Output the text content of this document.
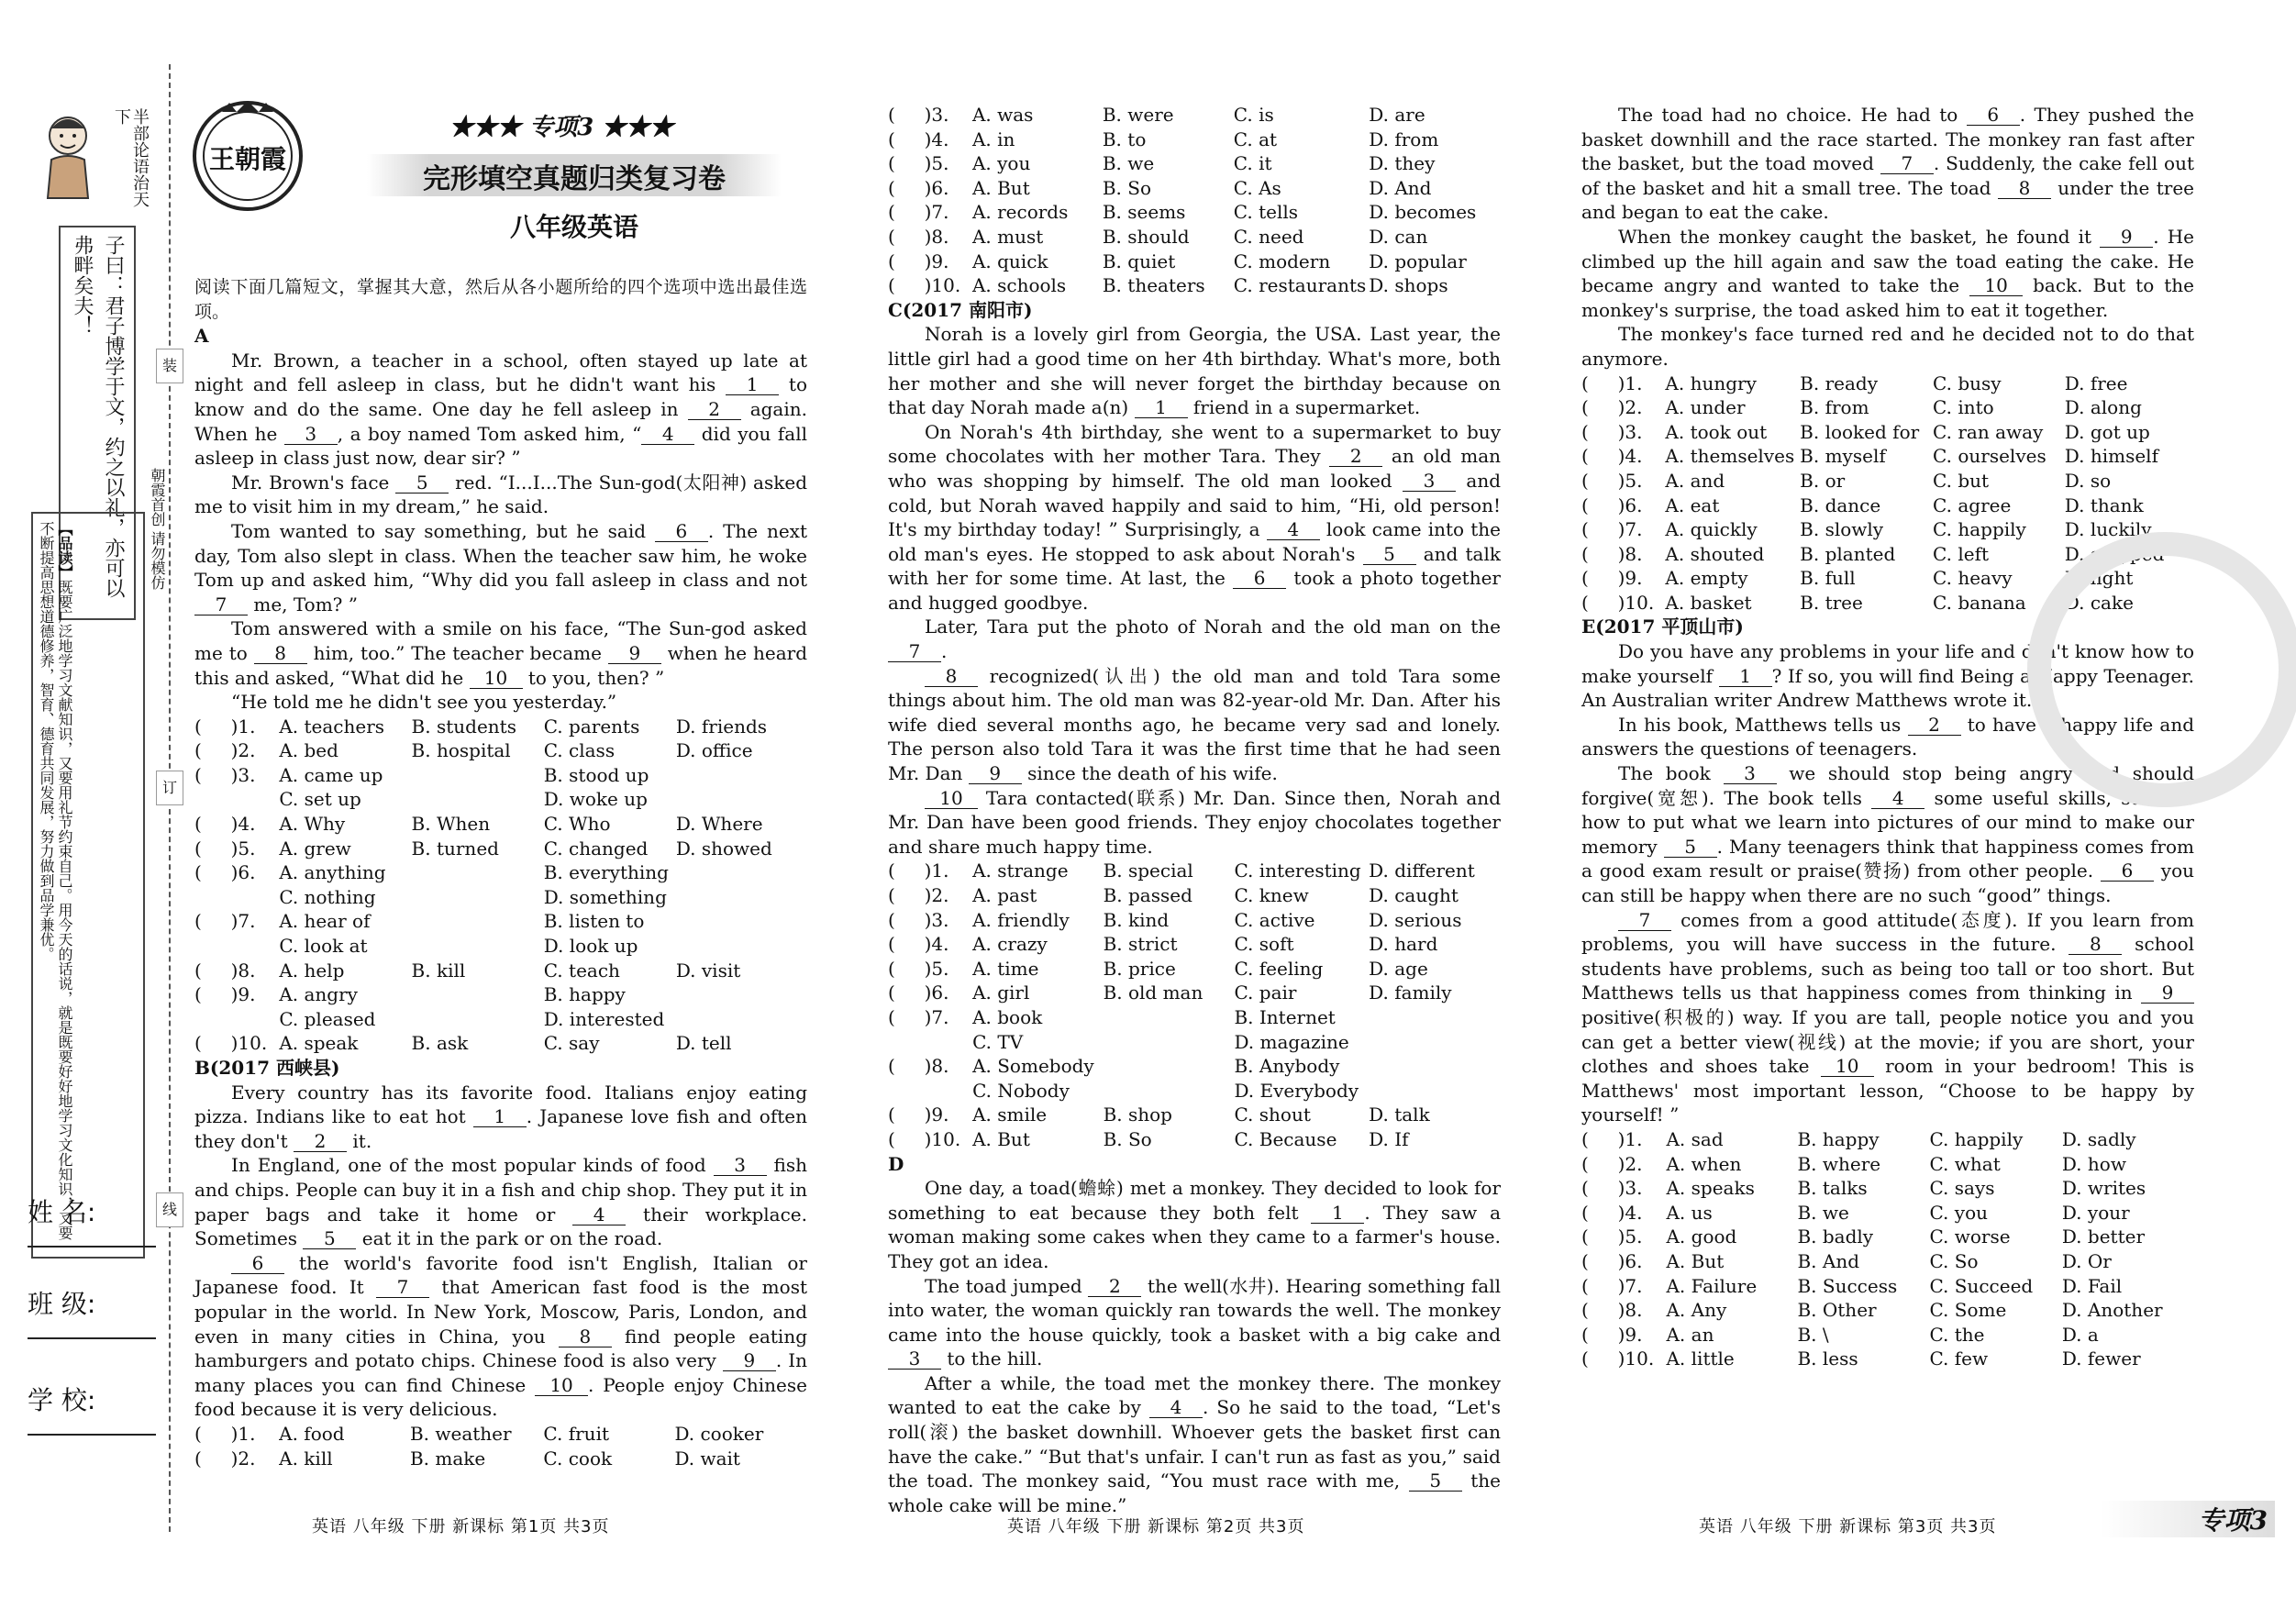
半部论语治天下
子曰：君子博学于文，约之以礼，亦可以弗畔矣夫！
【品读】既要广泛地学习文献知识，又要用礼节约束自己。用今天的话说，就是既要好好地学习文化知识，又要不断提高思想道德修养，智育、德育共同发展，努力做到品学兼优。	朝霞首创 请勿模仿
装
订
线
姓 名:
班 级:
学 校:
王朝霞
★★★ 专项3 ★★★
完形填空真题归类复习卷
八年级英语

阅读下面几篇短文，掌握其大意，然后从各小题所给的四个选项中选出最佳选项。

A

Mr. Brown, a teacher in a school, often stayed up late at night and fell asleep in class, but he didn't want his 1 to know and do the same. One day he fell asleep in 2 again. When he 3 , a boy named Tom asked him, “ 4 did you fall asleep in class just now, dear sir? ”

Mr. Brown's face 5 red. “I...I...The Sun-god(太阳神) asked me to visit him in my dream,” he said.

Tom wanted to say something, but he said 6 . The next day, Tom also slept in class. When the teacher saw him, he woke Tom up and asked him, “Why did you fall asleep in class and not 7 me, Tom? ”

Tom answered with a smile on his face, “The Sun-god asked me to 8 him, too.” The teacher became 9 when he heard this and asked, “What did he 10 to you, then? ”

“He told me he didn't see you yesterday.”

(     )1.	A. teachers	B. students	C. parents	D. friends
(     )2.	A. bed	B. hospital	C. class	D. office
(     )3.	A. came up		B. stood up	
	C. set up		D. woke up	
(     )4.	A. Why	B. When	C. Who	D. Where
(     )5.	A. grew	B. turned	C. changed	D. showed
(     )6.	A. anything		B. everything	
	C. nothing		D. something	
(     )7.	A. hear of		B. listen to	
	C. look at		D. look up	
(     )8.	A. help	B. kill	C. teach	D. visit
(     )9.	A. angry		B. happy	
	C. pleased		D. interested	
(     )10.	A. speak	B. ask	C. say	D. tell

B(2017 西峡县)

Every country has its favorite food. Italians enjoy eating pizza. Indians like to eat hot 1 . Japanese love fish and often they don't 2 it.

In England, one of the most popular kinds of food 3 fish and chips. People can buy it in a fish and chip shop. They put it in paper bags and take it home or 4 their workplace. Sometimes 5 eat it in the park or on the road.

6 the world's favorite food isn't English, Italian or Japanese food. It 7 that American fast food is the most popular in the world. In New York, Moscow, Paris, London, and even in many cities in China, you 8 find people eating hamburgers and potato chips. Chinese food is also very 9 . In many places you can find Chinese 10 . People enjoy Chinese food because it is very delicious.

(     )1.	A. food	B. weather	C. fruit	D. cooker
(     )2.	A. kill	B. make	C. cook	D. wait
(     )3.	A. was	B. were	C. is	D. are
(     )4.	A. in	B. to	C. at	D. from
(     )5.	A. you	B. we	C. it	D. they
(     )6.	A. But	B. So	C. As	D. And
(     )7.	A. records	B. seems	C. tells	D. becomes
(     )8.	A. must	B. should	C. need	D. can
(     )9.	A. quick	B. quiet	C. modern	D. popular
(     )10.	A. schools	B. theaters	C. restaurants	D. shops

C(2017 南阳市)

Norah is a lovely girl from Georgia, the USA. Last year, the little girl had a good time on her 4th birthday. What's more, both her mother and she will never forget the birthday because on that day Norah made a(n) 1 friend in a supermarket.

On Norah's 4th birthday, she went to a supermarket to buy some chocolates with her mother Tara. They 2 an old man who was shopping by himself. The old man looked 3 and cold, but Norah waved happily and said to him, “Hi, old person! It's my birthday today! ” Surprisingly, a 4 look came into the old man's eyes. He stopped to ask about Norah's 5 and talk with her for some time. At last, the 6 took a photo together and hugged goodbye.

Later, Tara put the photo of Norah and the old man on the 7 .

8 recognized(认出) the old man and told Tara some things about him. The old man was 82-year-old Mr. Dan. After his wife died several months ago, he became very sad and lonely. The person also told Tara it was the first time that he had seen Mr. Dan 9 since the death of his wife.

10 Tara contacted(联系) Mr. Dan. Since then, Norah and Mr. Dan have been good friends. They enjoy chocolates together and share much happy time.

(     )1.	A. strange	B. special	C. interesting	D. different
(     )2.	A. past	B. passed	C. knew	D. caught
(     )3.	A. friendly	B. kind	C. active	D. serious
(     )4.	A. crazy	B. strict	C. soft	D. hard
(     )5.	A. time	B. price	C. feeling	D. age
(     )6.	A. girl	B. old man	C. pair	D. family
(     )7.	A. book		B. Internet	
	C. TV		D. magazine	
(     )8.	A. Somebody		B. Anybody	
	C. Nobody		D. Everybody	
(     )9.	A. smile	B. shop	C. shout	D. talk
(     )10.	A. But	B. So	C. Because	D. If

D

One day, a toad(蟾蜍) met a monkey. They decided to look for something to eat because they both felt 1 . They saw a woman making some cakes when they came to a farmer's house. They got an idea.

The toad jumped 2 the well(水井). Hearing something fall into water, the woman quickly ran towards the well. The monkey came into the house quickly, took a basket with a big cake and 3 to the hill.

After a while, the toad met the monkey there. The monkey wanted to eat the cake by 4 . So he said to the toad, “Let's roll(滚) the basket downhill. Whoever gets the basket first can have the cake.” “But that's unfair. I can't run as fast as you,” said the toad. The monkey said, “You must race with me, 5 the whole cake will be mine.”

The toad had no choice. He had to 6 . They pushed the basket downhill and the race started. The monkey ran fast after the basket, but the toad moved 7 . Suddenly, the cake fell out of the basket and hit a small tree. The toad 8 under the tree and began to eat the cake.

When the monkey caught the basket, he found it 9 . He climbed up the hill again and saw the toad eating the cake. He became angry and wanted to take the 10 back. But to the monkey's surprise, the toad asked him to eat it together.

The monkey's face turned red and he decided not to do that anymore.

(     )1.	A. hungry	B. ready	C. busy	D. free
(     )2.	A. under	B. from	C. into	D. along
(     )3.	A. took out	B. looked for	C. ran away	D. got up
(     )4.	A. themselves	B. myself	C. ourselves	D. himself
(     )5.	A. and	B. or	C. but	D. so
(     )6.	A. eat	B. dance	C. agree	D. thank
(     )7.	A. quickly	B. slowly	C. happily	D. luckily
(     )8.	A. shouted	B. planted	C. left	D. stopped
(     )9.	A. empty	B. full	C. heavy	D. light
(     )10.	A. basket	B. tree	C. banana	D. cake

E(2017 平顶山市)

Do you have any problems in your life and don't know how to make yourself 1 ? If so, you will find Being a Happy Teenager. An Australian writer Andrew Matthews wrote it.

In his book, Matthews tells us 2 to have a happy life and answers the questions of teenagers.

The book 3 we should stop being angry and should forgive(宽恕). The book tells 4 some useful skills, such as how to put what we learn into pictures of our mind to make our memory 5 . Many teenagers think that happiness comes from a good exam result or praise(赞扬) from other people. 6 you can still be happy when there are no such “good” things.

7 comes from a good attitude(态度). If you learn from problems, you will have success in the future. 8 school students have problems, such as being too tall or too short. But Matthews tells us that happiness comes from thinking in 9 positive(积极的) way. If you are tall, people notice you and you can get a better view(视线) at the movie; if you are short, your clothes and shoes take 10 room in your bedroom! This is Matthews' most important lesson, “Choose to be happy by yourself! ”

(     )1.	A. sad	B. happy	C. happily	D. sadly
(     )2.	A. when	B. where	C. what	D. how
(     )3.	A. speaks	B. talks	C. says	D. writes
(     )4.	A. us	B. we	C. you	D. your
(     )5.	A. good	B. badly	C. worse	D. better
(     )6.	A. But	B. And	C. So	D. Or
(     )7.	A. Failure	B. Success	C. Succeed	D. Fail
(     )8.	A. Any	B. Other	C. Some	D. Another
(     )9.	A. an	B. \	C. the	D. a
(     )10.	A. little	B. less	C. few	D. fewer
英语 八年级 下册 新课标 第1页 共3页	英语 八年级 下册 新课标 第2页 共3页	英语 八年级 下册 新课标 第3页 共3页	专项3
